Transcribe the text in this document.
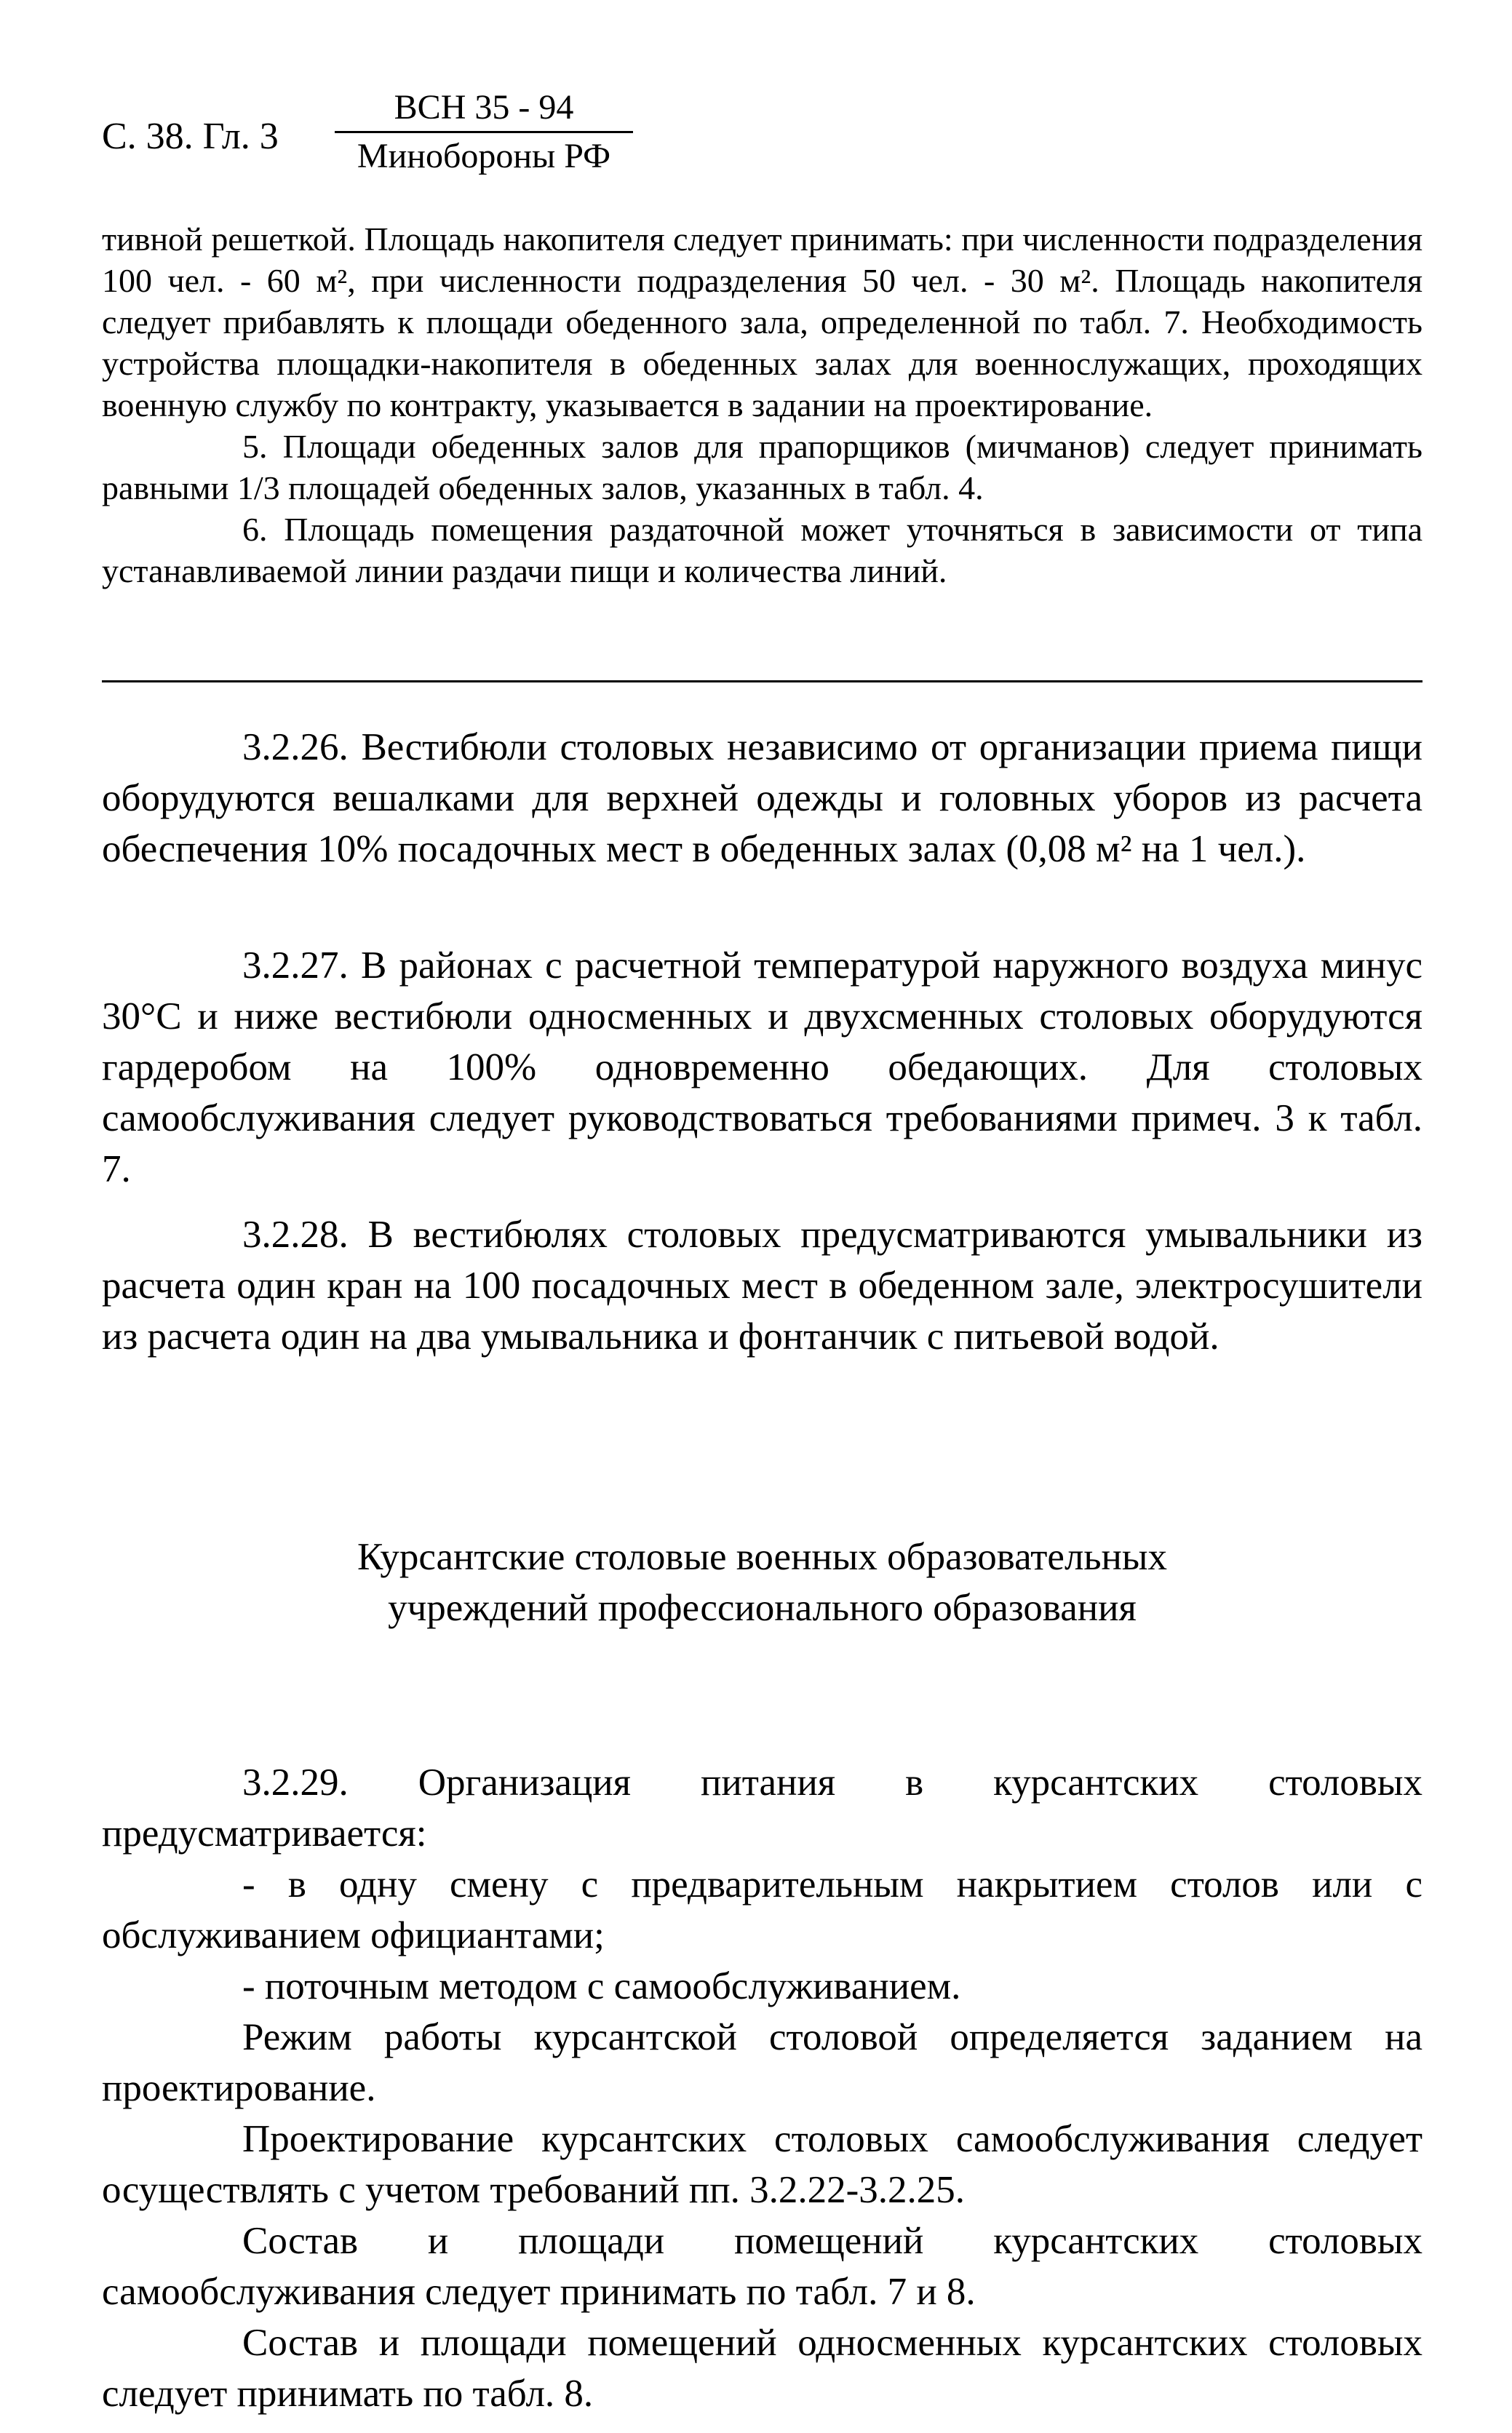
С. 38. Гл. 3
ВСН 35 - 94
Минобороны РФ

тивной решеткой. Площадь накопителя следует принимать: при численности подразделения 100 чел. - 60 м², при численности подразделения 50 чел. - 30 м². Площадь накопителя следует прибавлять к площади обеденного зала, определенной по табл. 7. Необходимость устройства площадки-накопителя в обеденных залах для военнослужащих, проходящих военную службу по контракту, указывается в задании на проектирование.

5. Площади обеденных залов для прапорщиков (мичманов) следует принимать равными 1/3 площадей обеденных залов, указанных в табл. 4.

6. Площадь помещения раздаточной может уточняться в зависимости от типа устанавливаемой линии раздачи пищи и количества линий.

3.2.26. Вестибюли столовых независимо от организации приема пищи оборудуются вешалками для верхней одежды и головных уборов из расчета обеспечения 10% посадочных мест в обеденных залах (0,08 м² на 1 чел.).

3.2.27. В районах с расчетной температурой наружного воздуха минус 30°С и ниже вестибюли односменных и двухсменных столовых оборудуются гардеробом на 100% одновременно обедающих. Для столовых самообслуживания следует руководствоваться требованиями примеч. 3 к табл. 7.

3.2.28. В вестибюлях столовых предусматриваются умывальники из расчета один кран на 100 посадочных мест в обеденном зале, электросушители из расчета один на два умывальника и фонтанчик с питьевой водой.

Курсантские столовые военных образовательных
учреждений профессионального образования

3.2.29. Организация питания в курсантских столовых предусматривается:

- в одну смену с предварительным накрытием столов или с обслуживанием официантами;

- поточным методом с самообслуживанием.

Режим работы курсантской столовой определяется заданием на проектирование.

Проектирование курсантских столовых самообслуживания следует осуществлять с учетом требований пп. 3.2.22-3.2.25.

Состав и площади помещений курсантских столовых самообслуживания следует принимать по табл. 7 и 8.

Состав и площади помещений односменных курсантских столовых следует принимать по табл. 8.
